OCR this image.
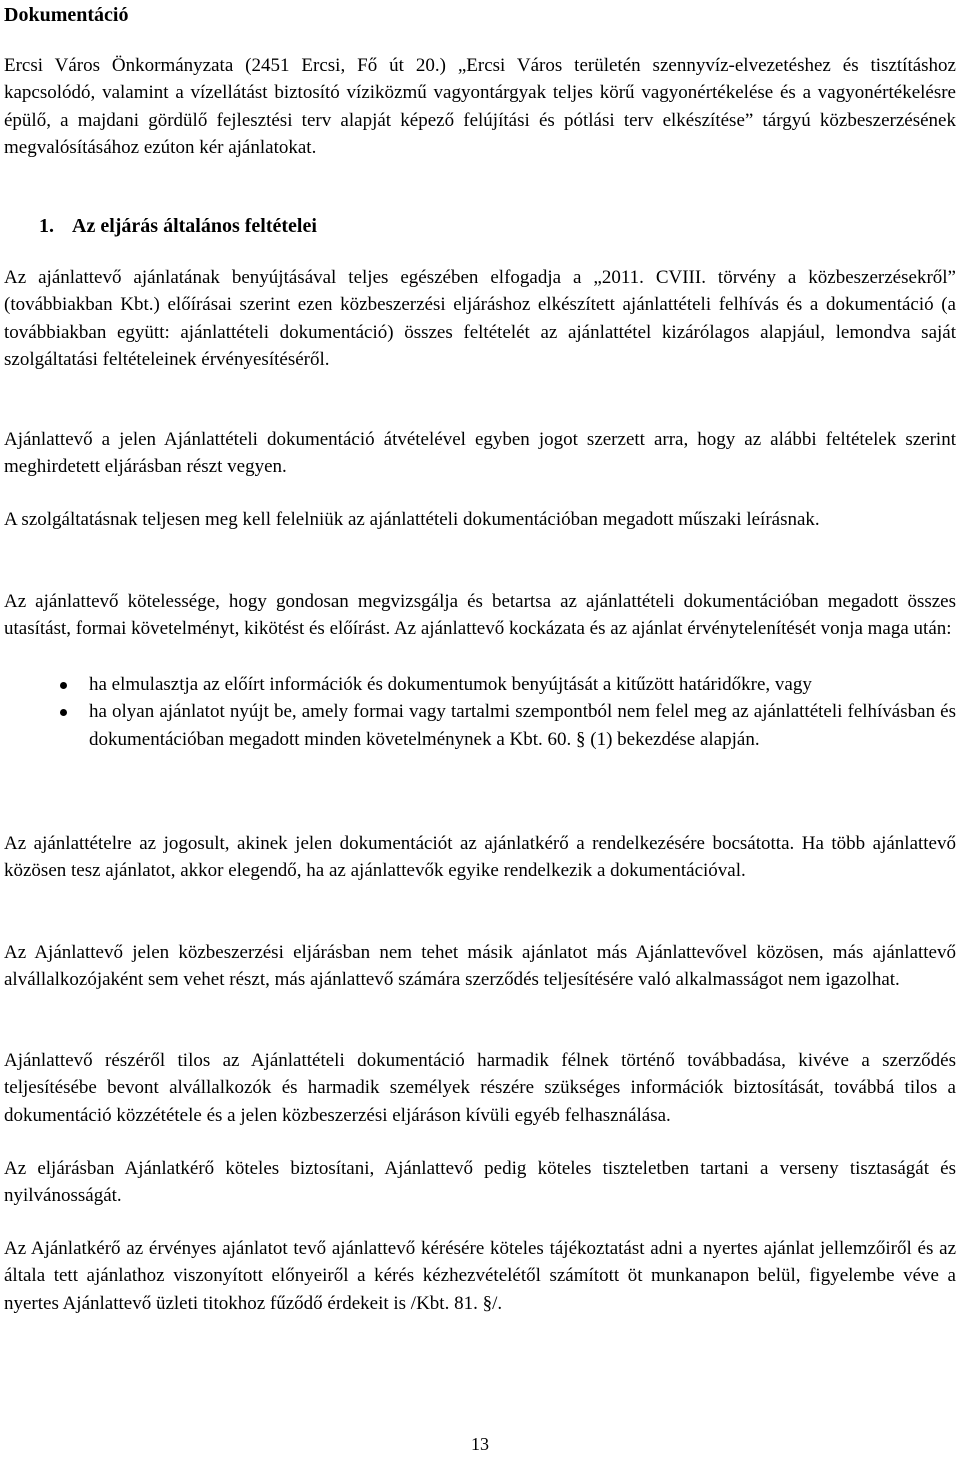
Dokumentáció

Ercsi Város Önkormányzata (2451 Ercsi, Fő út 20.) „Ercsi Város területén szennyvíz-elvezetéshez és tisztításhoz kapcsolódó, valamint a vízellátást biztosító víziközmű vagyontárgyak teljes körű vagyonértékelése és a vagyonértékelésre épülő, a majdani gördülő fejlesztési terv alapját képező felújítási és pótlási terv elkészítése” tárgyú közbeszerzésének megvalósításához ezúton kér ajánlatokat.

1. Az eljárás általános feltételei

Az ajánlattevő ajánlatának benyújtásával teljes egészében elfogadja a „2011. CVIII. törvény a közbeszerzésekről” (továbbiakban Kbt.) előírásai szerint ezen közbeszerzési eljáráshoz elkészített ajánlattételi felhívás és a dokumentáció (a továbbiakban együtt: ajánlattételi dokumentáció) összes feltételét az ajánlattétel kizárólagos alapjául, lemondva saját szolgáltatási feltételeinek érvényesítéséről.

Ajánlattevő a jelen Ajánlattételi dokumentáció átvételével egyben jogot szerzett arra, hogy az alábbi feltételek szerint meghirdetett eljárásban részt vegyen.

A szolgáltatásnak teljesen meg kell felelniük az ajánlattételi dokumentációban megadott műszaki leírásnak.

Az ajánlattevő kötelessége, hogy gondosan megvizsgálja és betartsa az ajánlattételi dokumentációban megadott összes utasítást, formai követelményt, kikötést és előírást. Az ajánlattevő kockázata és az ajánlat érvénytelenítését vonja maga után:

ha elmulasztja az előírt információk és dokumentumok benyújtását a kitűzött határidőkre, vagy
ha olyan ajánlatot nyújt be, amely formai vagy tartalmi szempontból nem felel meg az ajánlattételi felhívásban és dokumentációban megadott minden követelménynek a Kbt. 60. § (1) bekezdése alapján.

Az ajánlattételre az jogosult, akinek jelen dokumentációt az ajánlatkérő a rendelkezésére bocsátotta. Ha több ajánlattevő közösen tesz ajánlatot, akkor elegendő, ha az ajánlattevők egyike rendelkezik a dokumentációval.

Az Ajánlattevő jelen közbeszerzési eljárásban nem tehet másik ajánlatot más Ajánlattevővel közösen, más ajánlattevő alvállalkozójaként sem vehet részt, más ajánlattevő számára szerződés teljesítésére való alkalmasságot nem igazolhat.

Ajánlattevő részéről tilos az Ajánlattételi dokumentáció harmadik félnek történő továbbadása, kivéve a szerződés teljesítésébe bevont alvállalkozók és harmadik személyek részére szükséges információk biztosítását, továbbá tilos a dokumentáció közzététele és a jelen közbeszerzési eljáráson kívüli egyéb felhasználása.

Az eljárásban Ajánlatkérő köteles biztosítani, Ajánlattevő pedig köteles tiszteletben tartani a verseny tisztaságát és nyilvánosságát.

Az Ajánlatkérő az érvényes ajánlatot tevő ajánlattevő kérésére köteles tájékoztatást adni a nyertes ajánlat jellemzőiről és az általa tett ajánlathoz viszonyított előnyeiről a kérés kézhezvételétől számított öt munkanapon belül, figyelembe véve a nyertes Ajánlattevő üzleti titokhoz fűződő érdekeit is /Kbt. 81. §/.

13
